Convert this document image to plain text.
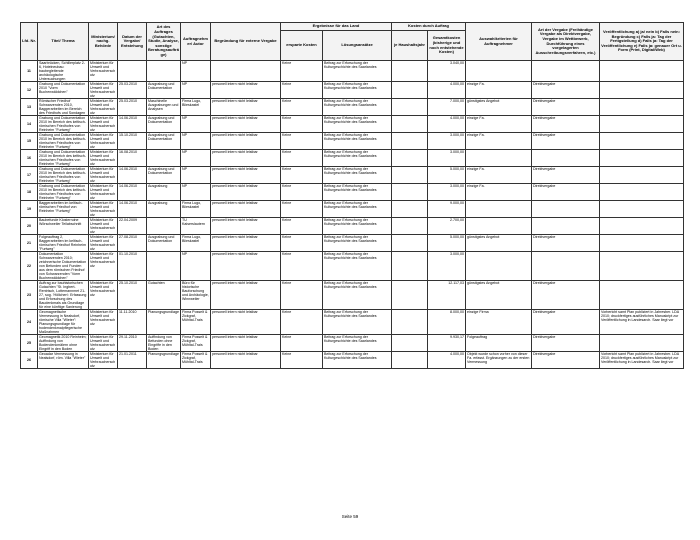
Lfd. Nr.	Titel/ Thema	Ministerium/ nachg. Behörde	Datum der Vergabe/ Entstehung	Art des Auftrages (Gutachten, Studie, Analyse, sonstige Beratungsaufträge)	Auftragnehmer/ Autor	Begründung für externe Vergabe	Ergebnisse für das Land		Kosten durch Auftrag		Auswahlkriterien für Auftragnehmer	Art der Vergabe (Freihändige Vergabe als Direktvergabe, Vergabe im Wettbewerb, Durchführung eines vorgelagerten Ausschreibungsverfahren, etc.)	Veröffentlichung a) ja/ nein b) Falls nein: Begründung c) Falls ja: Tag der Fertigstellung d) Falls ja: Tag der Veröffentlichung e) Falls ja: genauer Ort u. Form (Print, Digital/Web)
							ersparte Kosten	Lösungsansätze	je Haushaltsjahr	Gesamtkosten (bisherige und noch entstehende Kosten)			
11	Saarbrücken, Schillerplatz 2-6, Hotelneubau: baubegleitende archäologische Untersuchungen	Ministerium für Umwelt und Verbraucherschutz			NP		Keine	Beitrag zur Erforschung der Kulturgeschichte des Saarlandes		3.040,00			
12	Grabung und Dokumentation 2010 "Vorm Buchenwäldchen"	Ministerium für Umwelt und Verbraucherschutz	25.03.2010	Ausgrabung und Dokumentation	NP	personell intern nicht leistbar	Keine	Beitrag zur Erforschung der Kulturgeschichte des Saarlandes		4.000,00	einzige Fa.	Direktvergabe	
13	Römischer Friedhof Schwarzenden 2010, Baggerarbeiten im Bereich des Friedhofs und Sondagen	Ministerium für Umwelt und Verbraucherschutz	25.03.2010	Maschinelle Ausgrabungen und Analysen	Firma Lugo, Blieskastel	personell intern nicht leistbar	Keine	Beitrag zur Erforschung der Kulturgeschichte des Saarlandes		7.000,00	günstigstes Angebot	Direktvergabe	
14	Grabung und Dokumentation 2010 im Bereich des keltisch-römischen Friedhofes von Reinheim "Furtweg"	Ministerium für Umwelt und Verbraucherschutz	14.06.2010	Ausgrabung und Dokumentation	NP	personell intern nicht leistbar	Keine	Beitrag zur Erforschung der Kulturgeschichte des Saarlandes		4.000,00	einzige Fa.	Direktvergabe	
15	Grabung und Dokumentation 2010 im Bereich des keltisch-römischen Friedhofes von Reinheim "Furtweg"	Ministerium für Umwelt und Verbraucherschutz	15.10.2010	Ausgrabung und Dokumentation	NP	personell intern nicht leistbar	Keine	Beitrag zur Erforschung der Kulturgeschichte des Saarlandes		3.000,00	einzige Fa.	Direktvergabe	
16	Grabung und Dokumentation 2010 im Bereich des keltisch-römischen Friedhofes von Reinheim "Furtweg"	Ministerium für Umwelt und Verbraucherschutz	16.08.2010		NP	personell intern nicht leistbar	Keine	Beitrag zur Erforschung der Kulturgeschichte des Saarlandes		3.000,00			
17	Grabung und Dokumentation 2010 im Bereich des keltisch-römischen Friedhofes von Reinheim "Furtweg"	Ministerium für Umwelt und Verbraucherschutz	14.06.2010	Ausgrabung und Dokumentation	NP	personell intern nicht leistbar	Keine	Beitrag zur Erforschung der Kulturgeschichte des Saarlandes		5.000,00	einzige Fa.	Direktvergabe	
18	Grabung und Dokumentation 2010 im Bereich des keltisch-römischen Friedhofes von Reinheim "Furtweg"	Ministerium für Umwelt und Verbraucherschutz	14.06.2010	Ausgrabung	NP	personell intern nicht leistbar	Keine	Beitrag zur Erforschung der Kulturgeschichte des Saarlandes		3.000,00	einzige Fa.	Direktvergabe	
19	Baggerarbeiten im keltisch-römischen Friedhof von Reinheim "Furtweg"	Ministerium für Umwelt und Verbraucherschutz	14.06.2010	Ausgrabung	Firma Lugo, Blieskastel	personell intern nicht leistbar	Keine	Beitrag zur Erforschung der Kulturgeschichte des Saarlandes		9.000,00			
20	Baubefunde Klosterruine Wörschweiler Teilabschnitt	Ministerium für Umwelt und Verbraucherschutz	22.04.2009		TU Kaiserslautern	personell intern nicht leistbar	Keine	Beitrag zur Erforschung der Kulturgeschichte des Saarlandes		2.700,00			
21	Folgeauftrag 2, Baggerarbeiten im keltisch-römischen Friedhof Reinheim "Furtweg"	Ministerium für Umwelt und Verbraucherschutz	27.08.2010	Ausgrabung und Dokumentation	Firma Lugo, Blieskastel	personell intern nicht leistbar	Keine	Beitrag zur Erforschung der Kulturgeschichte des Saarlandes		5.000,00	günstigstes Angebot	Direktvergabe	
22	Dokumentation Schwarzenden 2010; zeichnerische Dokumentation von Befunden und Funden aus dem römischen Friedhof von Schwarzenden "Vorm Buchenwäldchen"	Ministerium für Umwelt und Verbraucherschutz	01.10.2010		NP	personell intern nicht leistbar	Keine	Beitrag zur Erforschung der Kulturgeschichte des Saarlandes		3.000,00			
23	Auftrag zur bauhistorischen Gutachten "St. Ingbert-Rentrisch, Lottemannmet 21-27, sog. 'Höllchen': Erfassung und Erforschung des Baudenkmals als Grundlage für eine künftige Sanierung	Ministerium für Umwelt und Verbraucherschutz	25.10.2010	Gutachten	Büro für historische Bauforschung und Archäologie, Winnweiler	personell intern nicht leistbar	Keine	Beitrag zur Erforschung der Kulturgeschichte des Saarlandes		12.117,03	günstigstes Angebot	Direktvergabe	
24	Geomagnetische Vermessung in Nealsdorf, römische Villa "Wieter": Planungsgrundlage für bodendenkmalpflegerische Maßnahmen	Ministerium für Umwelt und Verbraucherschutz	11.11.2010	Planungsgrundlage	Firma Posselt & Zickgraf, Mühltal-Trais	personell intern nicht leistbar	Keine	Beitrag zur Erforschung der Kulturgeschichte des Saarlandes		8.000,00	einzige Firma	Direktvergabe	Vorbericht samt Plan publiziert in Jahresber. LDA 2010; druckfertiges ausführliches Manuskript zur Veröffentlichung in Landesarch. Saar liegt vor
25	Geomagnetik 2010 Reinheim; Auffindung von Bodendenkmälern ohne Eingriff in den Boden	Ministerium für Umwelt und Verbraucherschutz	29.11.2010	Auffindung von Befunden ohne Eingriffe in den Boden	Firma Posselt & Zickgraf, Mühltal-Trais	personell intern nicht leistbar	Keine	Beitrag zur Erforschung der Kulturgeschichte des Saarlandes		9.930,17	Folgeauftrag	Direktvergabe	
26	Geoadar Vermessung in Nealsdorf, röm. Villa "Wieter"	Ministerium für Umwelt und Verbraucherschutz	21.01.2011	Planungsgrundlage	Firma Posselt & Zickgraf, Mühltal-Trais	personell intern nicht leistbar	Keine	Beitrag zur Erforschung der Kulturgeschichte des Saarlandes		4.000,00	Objekt wurde schon vorher von dieser Fa. erfasst. Ergänzungen zu der ersten Vermessung	Direktvergabe	Vorbericht samt Plan publiziert in Jahresber. LDA 2010; druckfertiges ausführliches Manuskript zur Veröffentlichung in Landesarch. Saar liegt vor
Seite 59
